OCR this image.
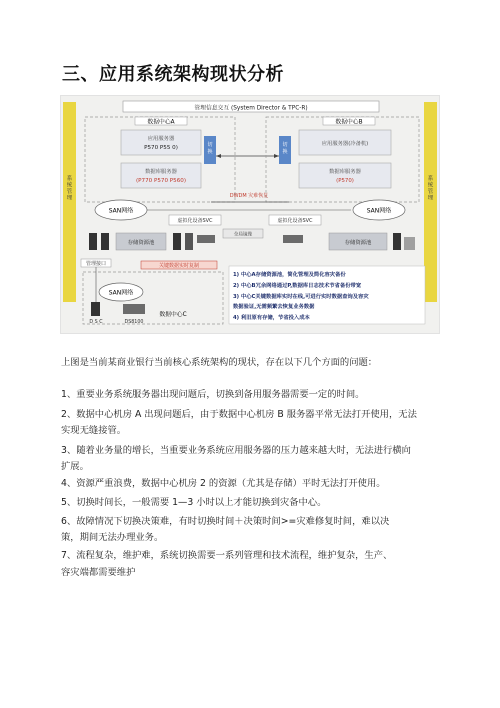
三、应用系统架构现状分析
管理信息交互 (System Director & TPC-R)
系统管理
系统管理
数据中心A
应用服务器
P570 P55 0)
数据库服务器
(P770 P570 P560)
切换
切换
数据中心B
应用服务器(冷备机)
数据库服务器
(P570)
DWDM 灾难恢复
SAN网络	SAN网络
虚拟化设备SVC	虚拟化设备SVC
全局镜像
存储资源池	存储资源池
管理接口	关键数据实时复制
SAN网络
数据中心C
D S C	DS8100
1) 中心A存储资源池，简化管理及简化容灾备份
2) 中心B冗余网络通过P,数据库日志技术节省备份带宽
3) 中心C关键数据库实时在线,可进行实时数据查询及容灾
数据验证,无需频繁去恢复业务数据
4) 利旧原有存储，节省投入成本
上图是当前某商业银行当前核心系统架构的现状，存在以下几个方面的问题：
1、重要业务系统服务器出现问题后，切换到备用服务器需要一定的时间。
2、数据中心机房 A 出现问题后，由于数据中心机房 B 服务器平常无法打开使用，无法
实现无缝接管。
3、随着业务量的增长，当重要业务系统应用服务器的压力越来越大时，无法进行横向
扩展。
4、资源严重浪费，数据中心机房 2 的资源（尤其是存储）平时无法打开使用。
5、切换时间长，一般需要 1—3 小时以上才能切换到灾备中心。
6、故障情况下切换决策难，有时切换时间＋决策时间>=灾难修复时间，难以决
策，期间无法办理业务。
7、流程复杂，维护难，系统切换需要一系列管理和技术流程，维护复杂，生产、
容灾端都需要维护
